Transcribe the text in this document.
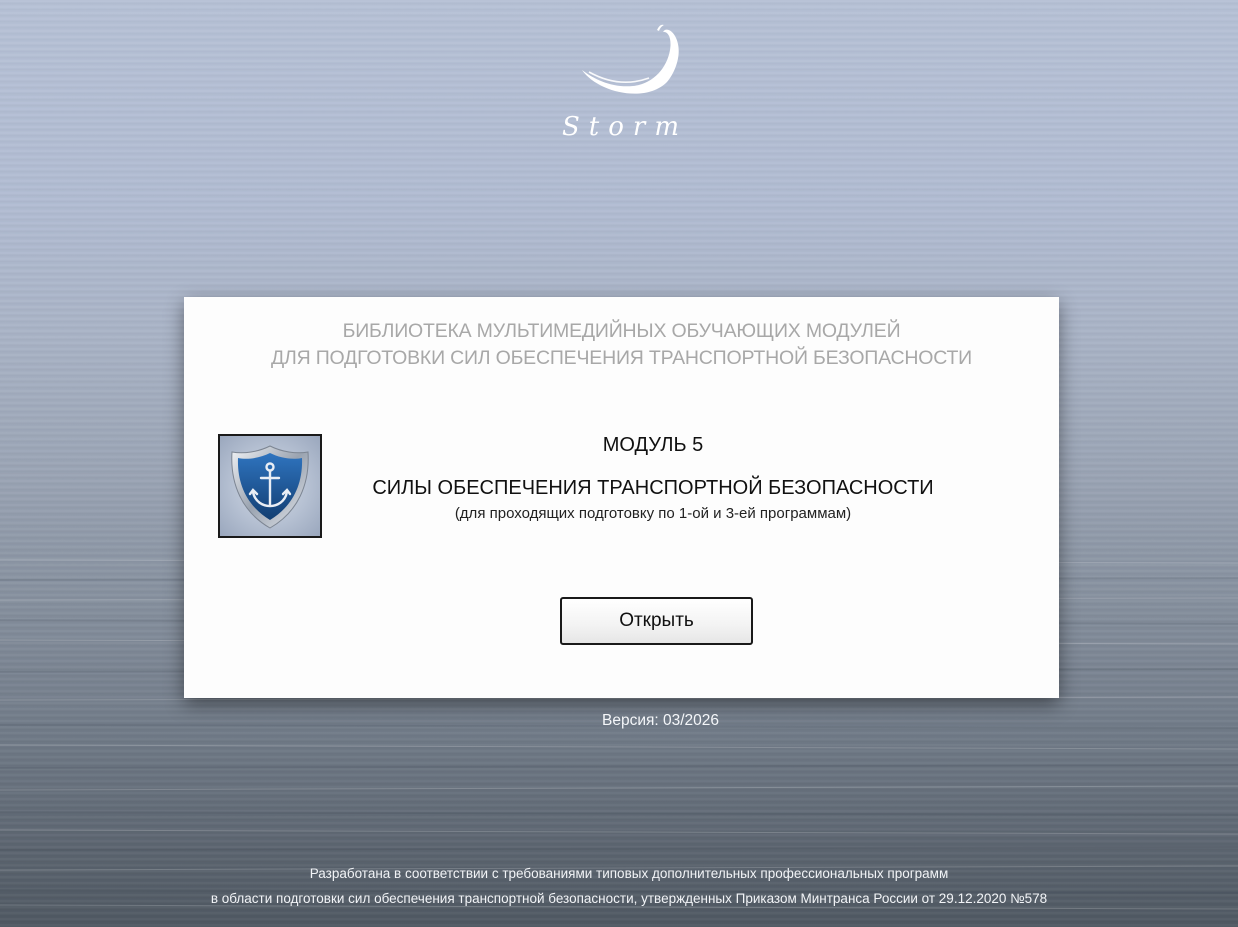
Storm
БИБЛИОТЕКА МУЛЬТИМЕДИЙНЫХ ОБУЧАЮЩИХ МОДУЛЕЙ
ДЛЯ ПОДГОТОВКИ СИЛ ОБЕСПЕЧЕНИЯ ТРАНСПОРТНОЙ БЕЗОПАСНОСТИ
МОДУЛЬ 5
СИЛЫ ОБЕСПЕЧЕНИЯ ТРАНСПОРТНОЙ БЕЗОПАСНОСТИ
(для проходящих подготовку по 1-ой и 3-ей программам)
Открыть
Версия: 03/2026
Разработана в соответствии с требованиями типовых дополнительных профессиональных программ
в области подготовки сил обеспечения транспортной безопасности, утвержденных Приказом Минтранса России от 29.12.2020 №578
